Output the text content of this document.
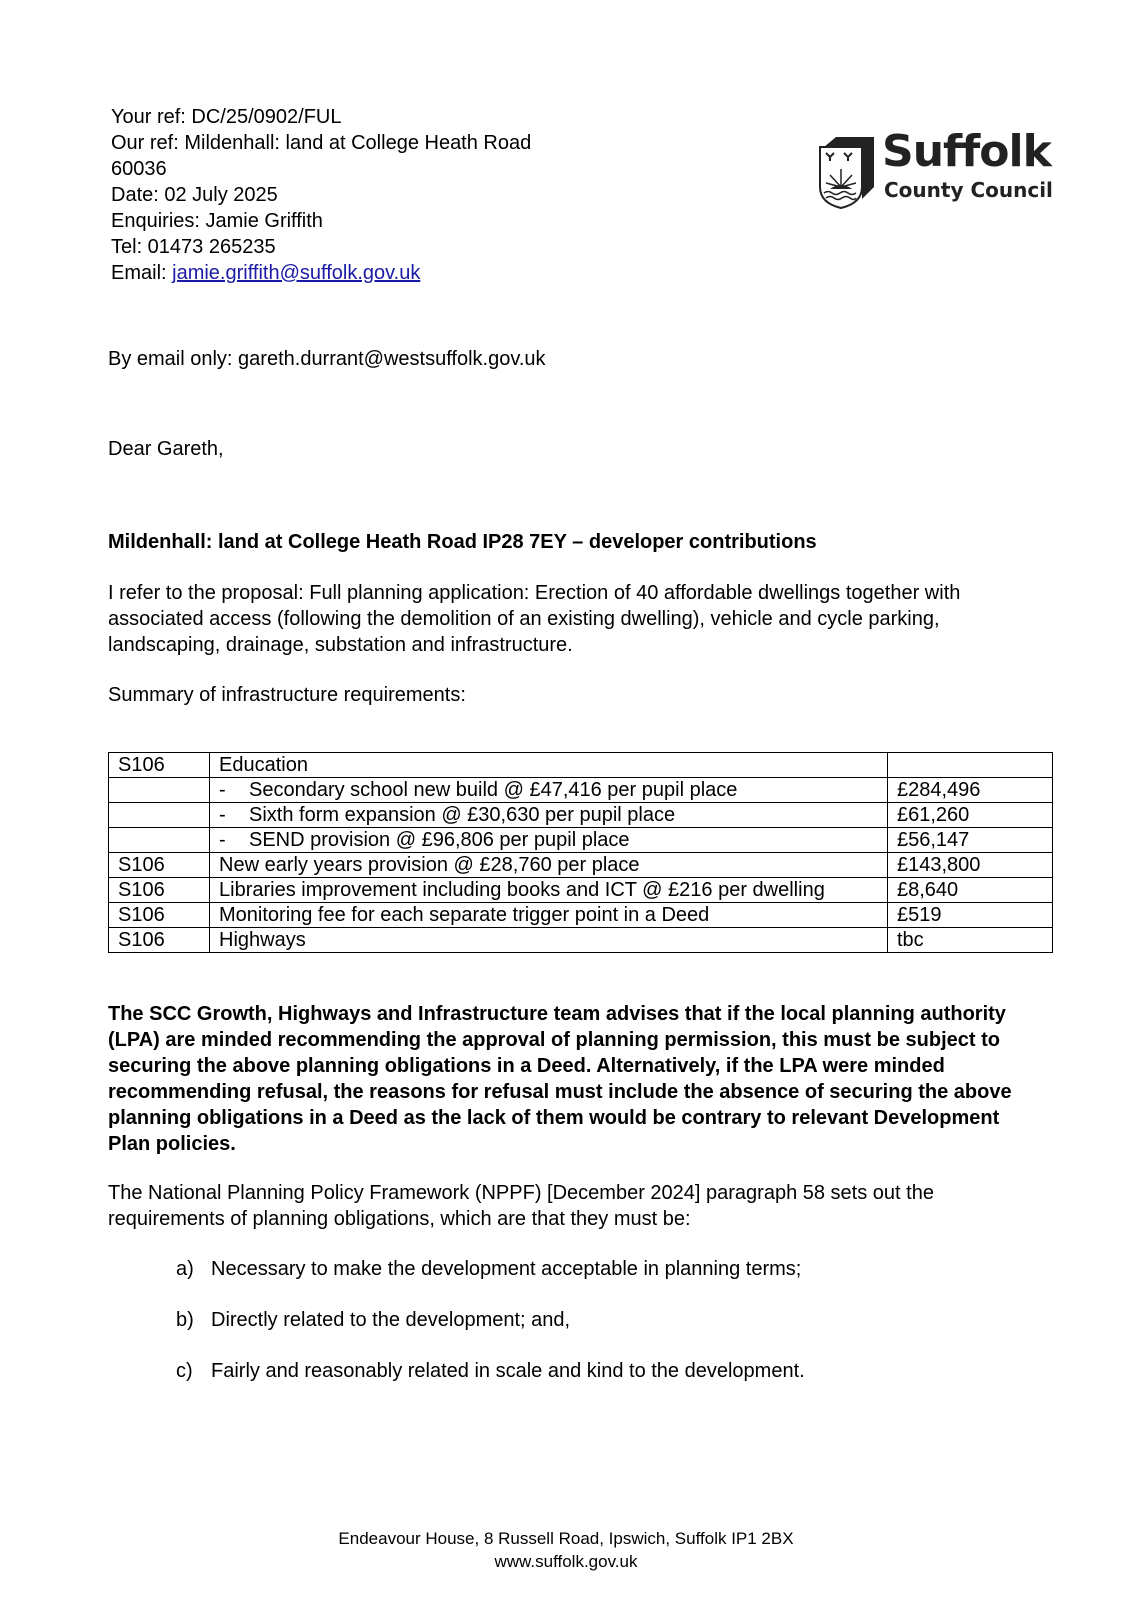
Your ref: DC/25/0902/FUL
Our ref: Mildenhall: land at College Heath Road
60036
Date: 02 July 2025
Enquiries: Jamie Griffith
Tel: 01473 265235
Email: jamie.griffith@suffolk.gov.uk
Suffolk
County Council
By email only: gareth.durrant@westsuffolk.gov.uk
Dear Gareth,
Mildenhall: land at College Heath Road IP28 7EY – developer contributions
I refer to the proposal: Full planning application: Erection of 40 affordable dwellings together with associated access (following the demolition of an existing dwelling), vehicle and cycle parking, landscaping, drainage, substation and infrastructure.
Summary of infrastructure requirements:
S106	Education	
	- Secondary school new build @ £47,416 per pupil place	£284,496
	- Sixth form expansion @ £30,630 per pupil place	£61,260
	- SEND provision @ £96,806 per pupil place	£56,147
S106	New early years provision @ £28,760 per place	£143,800
S106	Libraries improvement including books and ICT @ £216 per dwelling	£8,640
S106	Monitoring fee for each separate trigger point in a Deed	£519
S106	Highways	tbc
The SCC Growth, Highways and Infrastructure team advises that if the local planning authority (LPA) are minded recommending the approval of planning permission, this must be subject to securing the above planning obligations in a Deed. Alternatively, if the LPA were minded recommending refusal, the reasons for refusal must include the absence of securing the above planning obligations in a Deed as the lack of them would be contrary to relevant Development Plan policies.
The National Planning Policy Framework (NPPF) [December 2024] paragraph 58 sets out the requirements of planning obligations, which are that they must be:
a) Necessary to make the development acceptable in planning terms;
b) Directly related to the development; and,
c) Fairly and reasonably related in scale and kind to the development.
Endeavour House, 8 Russell Road, Ipswich, Suffolk IP1 2BX
www.suffolk.gov.uk
